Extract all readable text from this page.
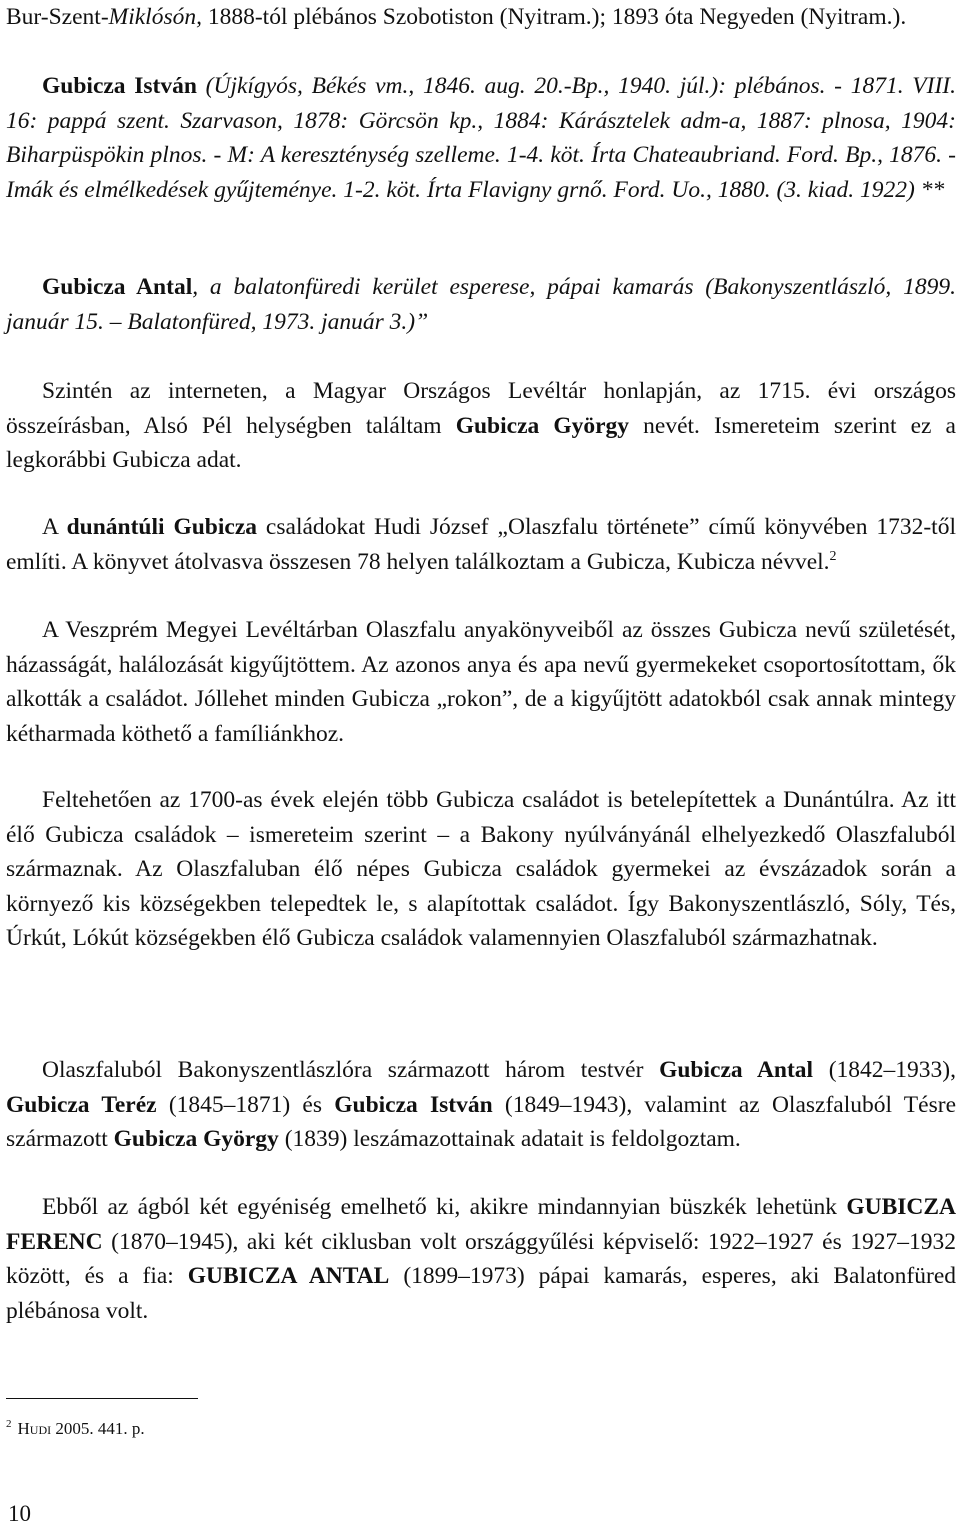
Bur-Szent-Miklósón, 1888-tól plébános Szobotiston (Nyitram.); 1893 óta Negyeden (Nyitram.).

Gubicza István (Újkígyós, Békés vm., 1846. aug. 20.-Bp., 1940. júl.): plébános. - 1871. VIII. 16: pappá szent. Szarvason, 1878: Görcsön kp., 1884: Kárásztelek adm-a, 1887: plnosa, 1904: Biharpüspökin plnos. - M: A kereszténység szelleme. 1-4. köt. Írta Chateaubriand. Ford. Bp., 1876. - Imák és elmélkedések gyűjteménye. 1-2. köt. Írta Flavigny grnő. Ford. Uo., 1880. (3. kiad. 1922) **

Gubicza Antal, a balatonfüredi kerület esperese, pápai kamarás (Bakonyszentlászló, 1899. január 15. – Balatonfüred, 1973. január 3.)”

Szintén az interneten, a Magyar Országos Levéltár honlapján, az 1715. évi országos összeírásban, Alsó Pél helységben találtam Gubicza György nevét. Ismereteim szerint ez a legkorábbi Gubicza adat.

A dunántúli Gubicza családokat Hudi József „Olaszfalu története” című könyvében 1732-től említi. A könyvet átolvasva összesen 78 helyen találkoztam a Gubicza, Kubicza névvel.$^2$

A Veszprém Megyei Levéltárban Olaszfalu anyakönyveiből az összes Gubicza nevű születését, házasságát, halálozását kigyűjtöttem. Az azonos anya és apa nevű gyermekeket csoportosítottam, ők alkották a családot. Jóllehet minden Gubicza „rokon”, de a kigyűjtött adatokból csak annak mintegy kétharmada köthető a famíliánkhoz.

Feltehetően az 1700-as évek elején több Gubicza családot is betelepítettek a Dunántúlra. Az itt élő Gubicza családok – ismereteim szerint – a Bakony nyúlványánál elhelyezkedő Olaszfaluból származnak. Az Olaszfaluban élő népes Gubicza családok gyermekei az évszázadok során a környező kis községekben telepedtek le, s alapítottak családot. Így Bakonyszentlászló, Sóly, Tés, Úrkút, Lókút községekben élő Gubicza családok valamennyien Olaszfaluból származhatnak.

Olaszfaluból Bakonyszentlászlóra származott három testvér Gubicza Antal (1842–1933), Gubicza Teréz (1845–1871) és Gubicza István (1849–1943), valamint az Olaszfaluból Tésre származott Gubicza György (1839) leszámazottainak adatait is feldolgoztam.

Ebből az ágból két egyéniség emelhető ki, akikre mindannyian büszkék lehetünk GUBICZA FERENC (1870–1945), aki két ciklusban volt országgyűlési képviselő: 1922–1927 és 1927–1932 között, és a fia: GUBICZA ANTAL (1899–1973) pápai kamarás, esperes, aki Balatonfüred plébánosa volt.

$^2$ Hudi 2005. 441. p.
10
